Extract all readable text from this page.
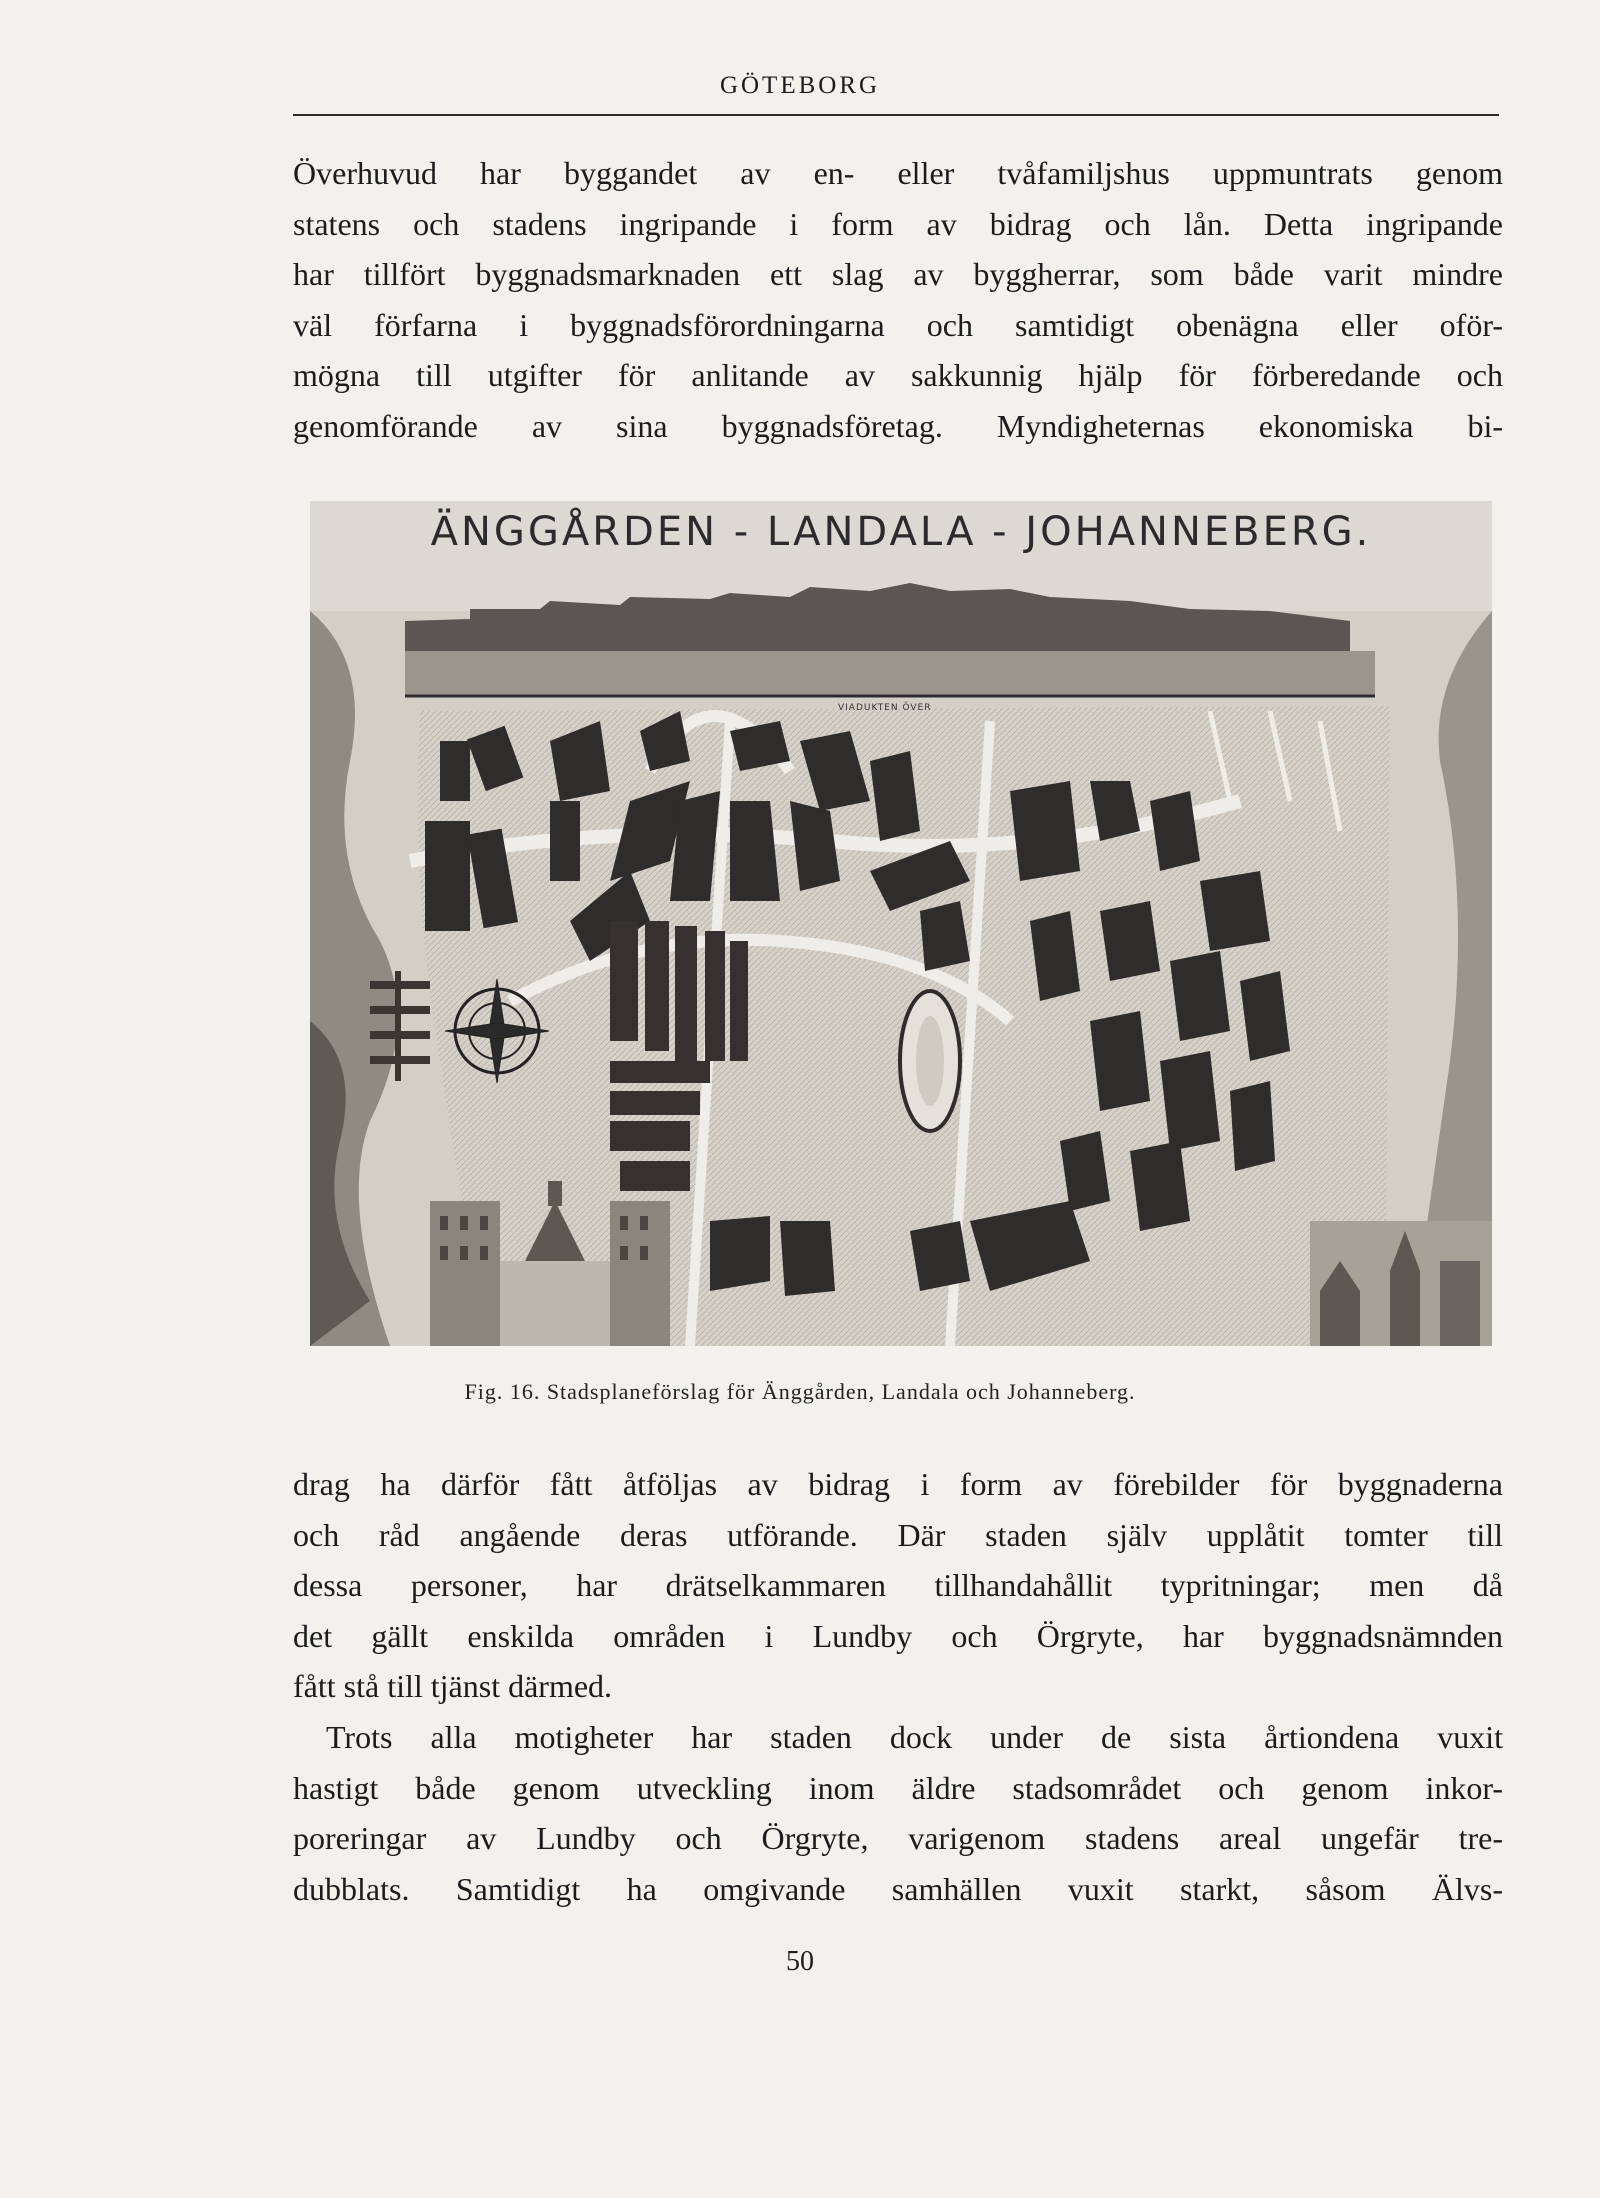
GÖTEBORG
Överhuvud har byggandet av en- eller tvåfamiljshus uppmuntrats genom
statens och stadens ingripande i form av bidrag och lån. Detta ingripande
har tillfört byggnadsmarknaden ett slag av byggherrar, som både varit mindre
väl förfarna i byggnadsförordningarna och samtidigt obenägna eller oför-
mögna till utgifter för anlitande av sakkunnig hjälp för förberedande och
genomförande av sina byggnadsföretag. Myndigheternas ekonomiska bi-
ÄNGGÅRDEN - LANDALA - JOHANNEBERG.
VIADUKTEN ÖVER
Fig. 16. Stadsplaneförslag för Änggården, Landala och Johanneberg.
drag ha därför fått åtföljas av bidrag i form av förebilder för byggnaderna
och råd angående deras utförande. Där staden själv upplåtit tomter till
dessa personer, har drätselkammaren tillhandahållit typritningar; men då
det gällt enskilda områden i Lundby och Örgryte, har byggnadsnämnden
fått stå till tjänst därmed.
Trots alla motigheter har staden dock under de sista årtiondena vuxit
hastigt både genom utveckling inom äldre stadsområdet och genom inkor-
poreringar av Lundby och Örgryte, varigenom stadens areal ungefär tre-
dubblats. Samtidigt ha omgivande samhällen vuxit starkt, såsom Älvs-
50
